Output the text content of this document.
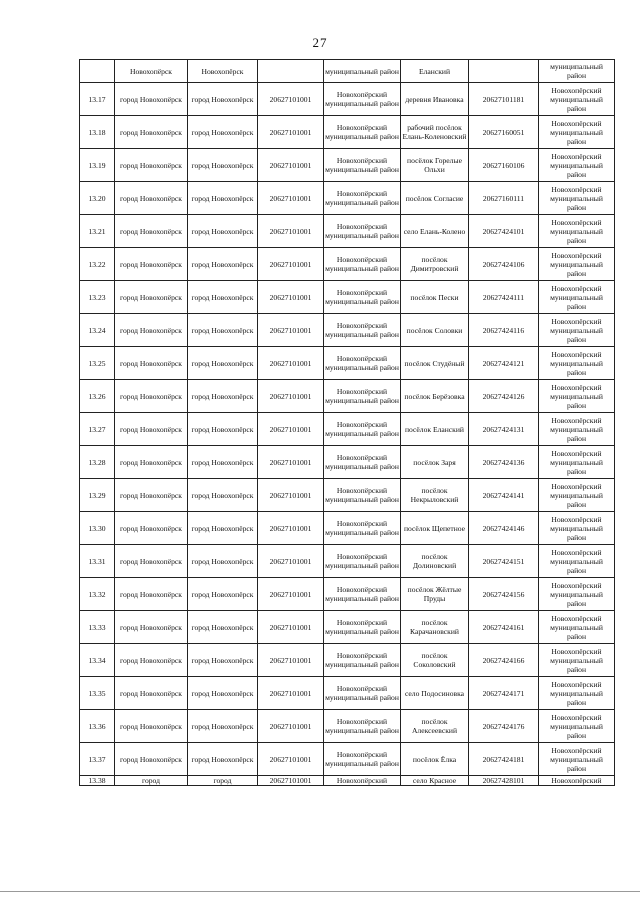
27
	Новохопёрск	Новохопёрск		муниципальный район	Еланский		муниципальный район
13.17	город Новохопёрск	город Новохопёрск	20627101001	Новохопёрский муниципальный район	деревня Ивановка	20627101181	Новохопёрский муниципальный район
13.18	город Новохопёрск	город Новохопёрск	20627101001	Новохопёрский муниципальный район	рабочий посёлок Елань-Коленовский	20627160051	Новохопёрский муниципальный район
13.19	город Новохопёрск	город Новохопёрск	20627101001	Новохопёрский муниципальный район	посёлок Горелые Ольхи	20627160106	Новохопёрский муниципальный район
13.20	город Новохопёрск	город Новохопёрск	20627101001	Новохопёрский муниципальный район	посёлок Согласие	20627160111	Новохопёрский муниципальный район
13.21	город Новохопёрск	город Новохопёрск	20627101001	Новохопёрский муниципальный район	село Елань-Колено	20627424101	Новохопёрский муниципальный район
13.22	город Новохопёрск	город Новохопёрск	20627101001	Новохопёрский муниципальный район	посёлок Димитровский	20627424106	Новохопёрский муниципальный район
13.23	город Новохопёрск	город Новохопёрск	20627101001	Новохопёрский муниципальный район	посёлок Пески	20627424111	Новохопёрский муниципальный район
13.24	город Новохопёрск	город Новохопёрск	20627101001	Новохопёрский муниципальный район	посёлок Соловки	20627424116	Новохопёрский муниципальный район
13.25	город Новохопёрск	город Новохопёрск	20627101001	Новохопёрский муниципальный район	посёлок Студёный	20627424121	Новохопёрский муниципальный район
13.26	город Новохопёрск	город Новохопёрск	20627101001	Новохопёрский муниципальный район	посёлок Берёзовка	20627424126	Новохопёрский муниципальный район
13.27	город Новохопёрск	город Новохопёрск	20627101001	Новохопёрский муниципальный район	посёлок Еланский	20627424131	Новохопёрский муниципальный район
13.28	город Новохопёрск	город Новохопёрск	20627101001	Новохопёрский муниципальный район	посёлок Заря	20627424136	Новохопёрский муниципальный район
13.29	город Новохопёрск	город Новохопёрск	20627101001	Новохопёрский муниципальный район	посёлок Некрыловский	20627424141	Новохопёрский муниципальный район
13.30	город Новохопёрск	город Новохопёрск	20627101001	Новохопёрский муниципальный район	посёлок Щепетное	20627424146	Новохопёрский муниципальный район
13.31	город Новохопёрск	город Новохопёрск	20627101001	Новохопёрский муниципальный район	посёлок Долиновский	20627424151	Новохопёрский муниципальный район
13.32	город Новохопёрск	город Новохопёрск	20627101001	Новохопёрский муниципальный район	посёлок Жёлтые Пруды	20627424156	Новохопёрский муниципальный район
13.33	город Новохопёрск	город Новохопёрск	20627101001	Новохопёрский муниципальный район	посёлок Карачановский	20627424161	Новохопёрский муниципальный район
13.34	город Новохопёрск	город Новохопёрск	20627101001	Новохопёрский муниципальный район	посёлок Соколовский	20627424166	Новохопёрский муниципальный район
13.35	город Новохопёрск	город Новохопёрск	20627101001	Новохопёрский муниципальный район	село Подосиновка	20627424171	Новохопёрский муниципальный район
13.36	город Новохопёрск	город Новохопёрск	20627101001	Новохопёрский муниципальный район	посёлок Алексеевский	20627424176	Новохопёрский муниципальный район
13.37	город Новохопёрск	город Новохопёрск	20627101001	Новохопёрский муниципальный район	посёлок Ёлка	20627424181	Новохопёрский муниципальный район
13.38	город	город	20627101001	Новохопёрский	село Красное	20627428101	Новохопёрский
